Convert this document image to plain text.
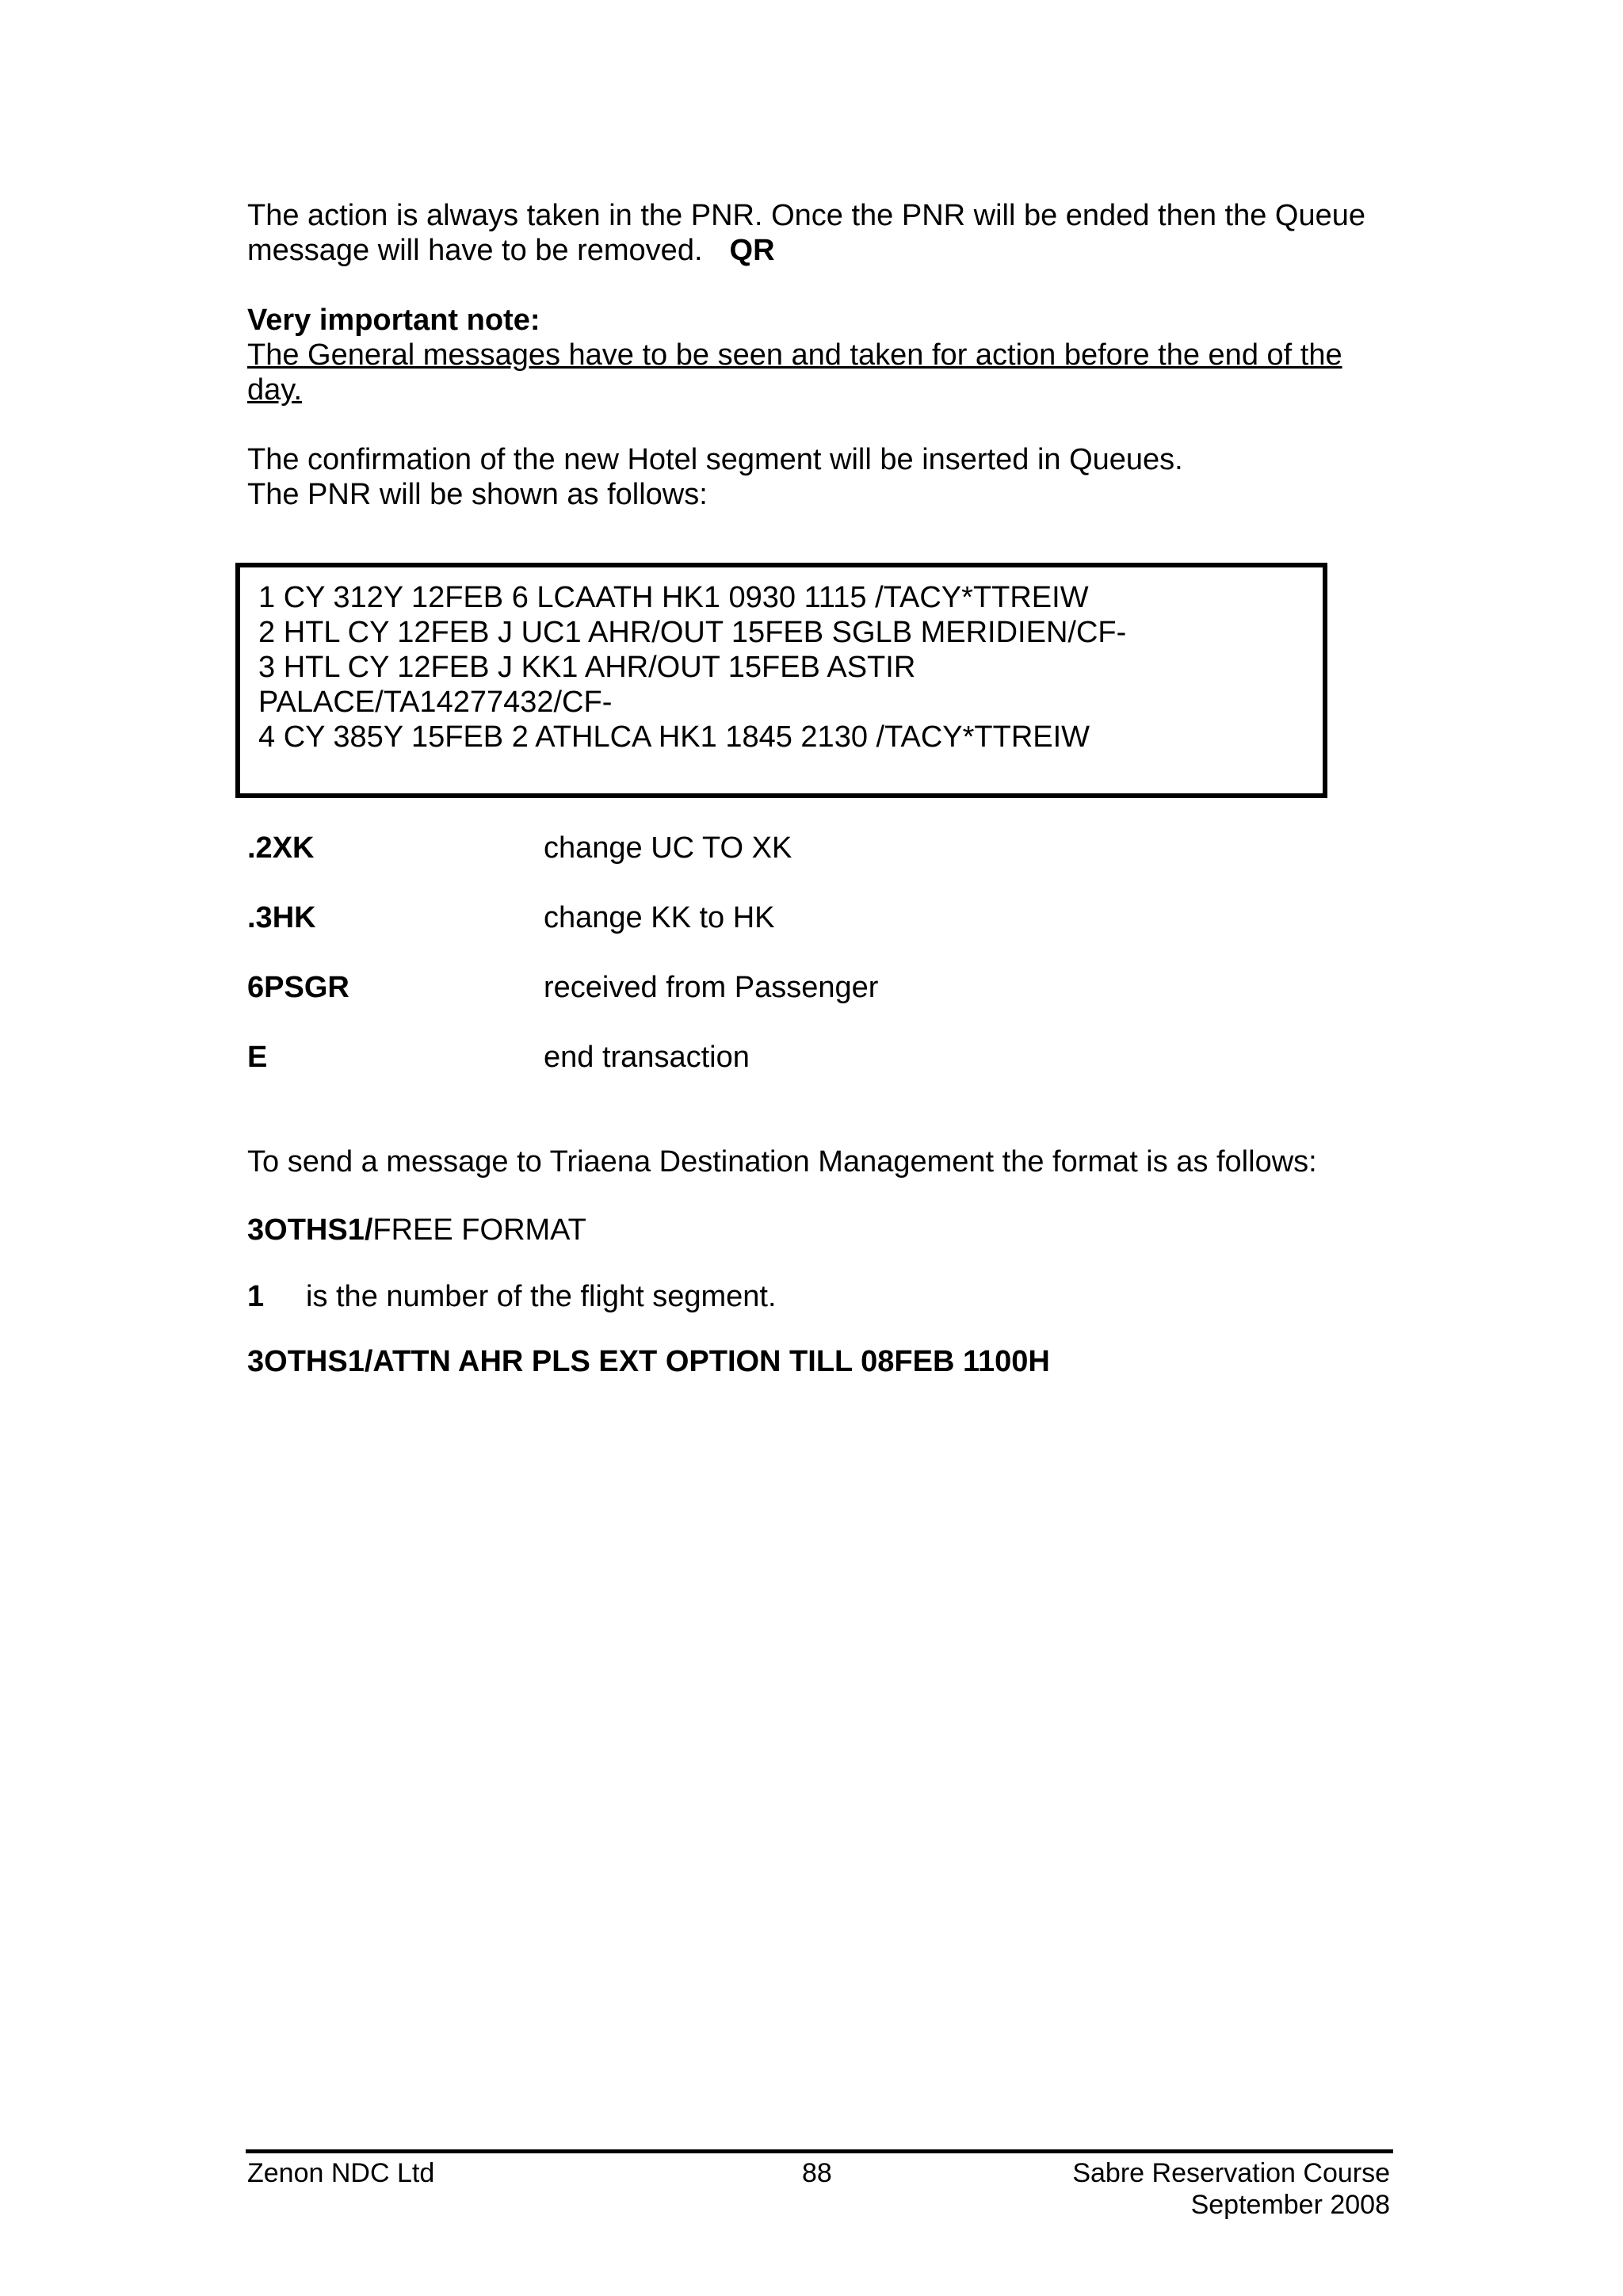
The action is always taken in the PNR. Once the PNR will be ended then the Queue
message will have to be removed. QR
Very important note:
The General messages have to be seen and taken for action before the end of the
day.
The confirmation of the new Hotel segment will be inserted in Queues.
The PNR will be shown as follows:
1 CY 312Y 12FEB 6 LCAATH HK1 0930 1115 /TACY*TTREIW
2 HTL CY 12FEB J UC1 AHR/OUT 15FEB SGLB MERIDIEN/CF-
3 HTL CY 12FEB J KK1 AHR/OUT 15FEB ASTIR
PALACE/TA14277432/CF-
4 CY 385Y 15FEB 2 ATHLCA HK1 1845 2130 /TACY*TTREIW
.2XK	change UC TO XK
.3HK	change KK to HK
6PSGR	received from Passenger
E	end transaction
To send a message to Triaena Destination Management the format is as follows:
3OTHS1/FREE FORMAT
1 is the number of the flight segment.
3OTHS1/ATTN AHR PLS EXT OPTION TILL 08FEB 1100H
Zenon NDC Ltd	88	Sabre Reservation Course
September 2008
